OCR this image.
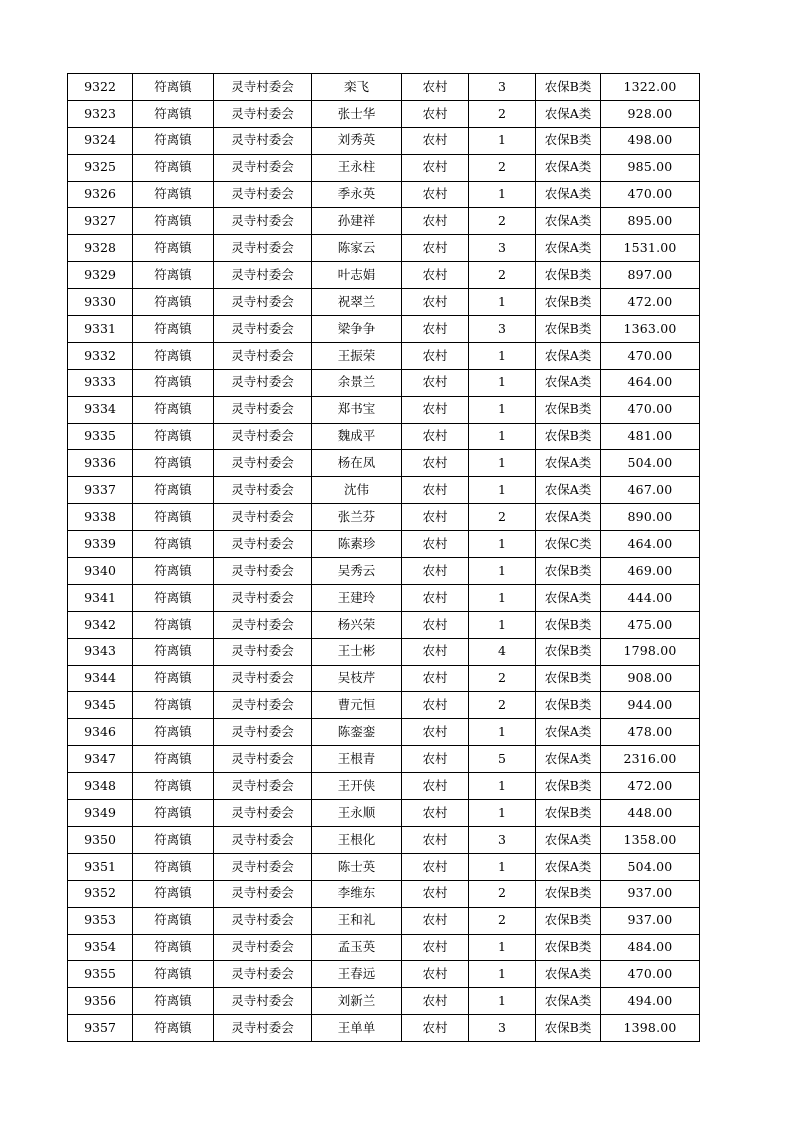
9322	符离镇	灵寺村委会	栾飞	农村	3	农保B类	1322.00
9323	符离镇	灵寺村委会	张士华	农村	2	农保A类	928.00
9324	符离镇	灵寺村委会	刘秀英	农村	1	农保B类	498.00
9325	符离镇	灵寺村委会	王永柱	农村	2	农保A类	985.00
9326	符离镇	灵寺村委会	季永英	农村	1	农保A类	470.00
9327	符离镇	灵寺村委会	孙建祥	农村	2	农保A类	895.00
9328	符离镇	灵寺村委会	陈家云	农村	3	农保A类	1531.00
9329	符离镇	灵寺村委会	叶志娟	农村	2	农保B类	897.00
9330	符离镇	灵寺村委会	祝翠兰	农村	1	农保B类	472.00
9331	符离镇	灵寺村委会	梁争争	农村	3	农保B类	1363.00
9332	符离镇	灵寺村委会	王振荣	农村	1	农保A类	470.00
9333	符离镇	灵寺村委会	余景兰	农村	1	农保A类	464.00
9334	符离镇	灵寺村委会	郑书宝	农村	1	农保B类	470.00
9335	符离镇	灵寺村委会	魏成平	农村	1	农保B类	481.00
9336	符离镇	灵寺村委会	杨在凤	农村	1	农保A类	504.00
9337	符离镇	灵寺村委会	沈伟	农村	1	农保A类	467.00
9338	符离镇	灵寺村委会	张兰芬	农村	2	农保A类	890.00
9339	符离镇	灵寺村委会	陈素珍	农村	1	农保C类	464.00
9340	符离镇	灵寺村委会	吴秀云	农村	1	农保B类	469.00
9341	符离镇	灵寺村委会	王建玲	农村	1	农保A类	444.00
9342	符离镇	灵寺村委会	杨兴荣	农村	1	农保B类	475.00
9343	符离镇	灵寺村委会	王士彬	农村	4	农保B类	1798.00
9344	符离镇	灵寺村委会	吴枝芹	农村	2	农保B类	908.00
9345	符离镇	灵寺村委会	曹元恒	农村	2	农保B类	944.00
9346	符离镇	灵寺村委会	陈銮銮	农村	1	农保A类	478.00
9347	符离镇	灵寺村委会	王根青	农村	5	农保A类	2316.00
9348	符离镇	灵寺村委会	王开侠	农村	1	农保B类	472.00
9349	符离镇	灵寺村委会	王永顺	农村	1	农保B类	448.00
9350	符离镇	灵寺村委会	王根化	农村	3	农保A类	1358.00
9351	符离镇	灵寺村委会	陈士英	农村	1	农保A类	504.00
9352	符离镇	灵寺村委会	李维东	农村	2	农保B类	937.00
9353	符离镇	灵寺村委会	王和礼	农村	2	农保B类	937.00
9354	符离镇	灵寺村委会	孟玉英	农村	1	农保B类	484.00
9355	符离镇	灵寺村委会	王春远	农村	1	农保A类	470.00
9356	符离镇	灵寺村委会	刘新兰	农村	1	农保A类	494.00
9357	符离镇	灵寺村委会	王单单	农村	3	农保B类	1398.00
